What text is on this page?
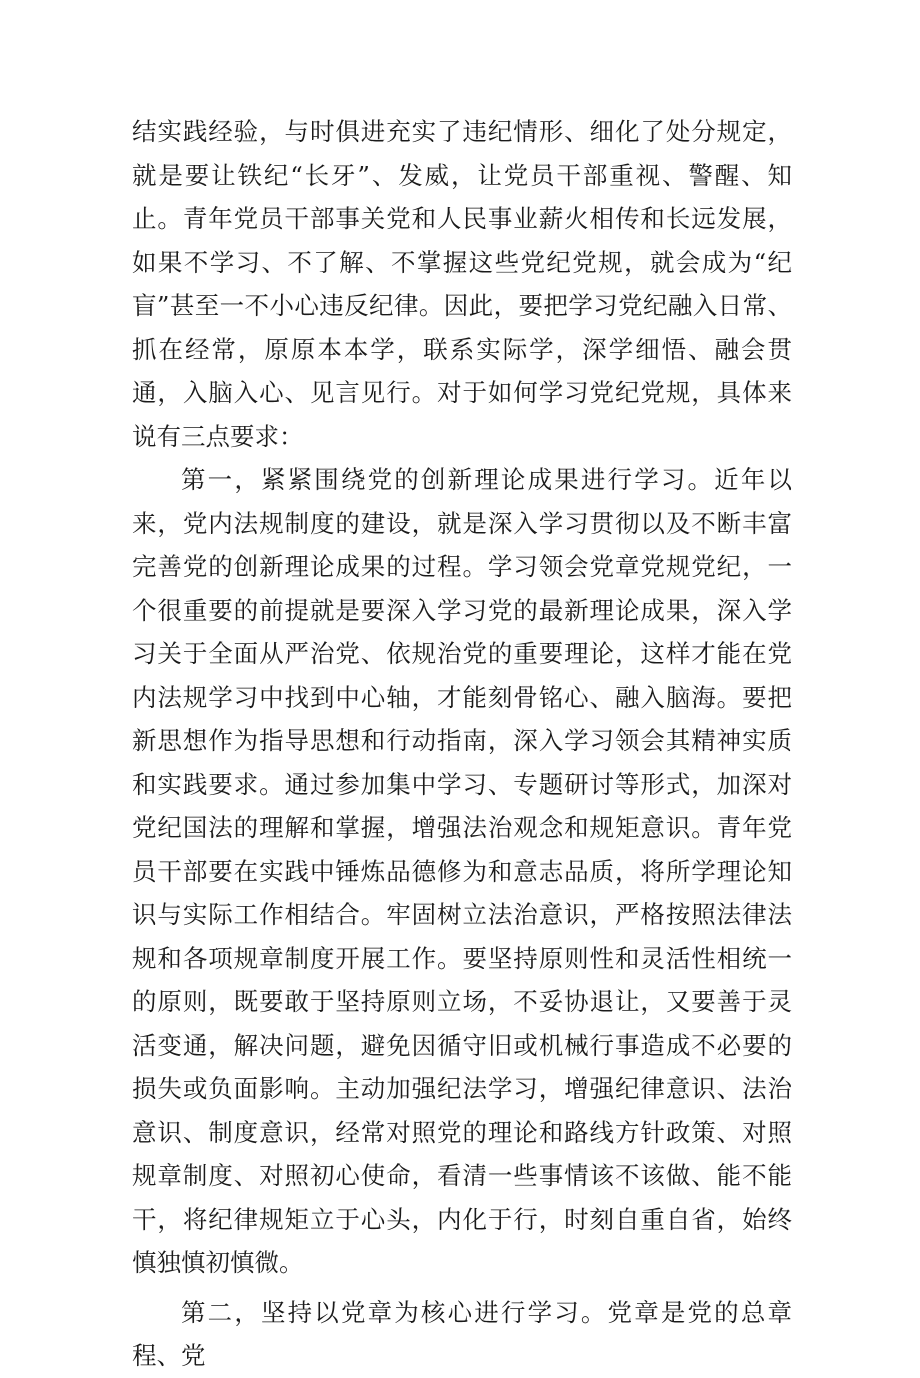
结实践经验，与时俱进充实了违纪情形、细化了处分规定，就是要让铁纪“长牙”、发威，让党员干部重视、警醒、知止。青年党员干部事关党和人民事业薪火相传和长远发展，如果不学习、不了解、不掌握这些党纪党规，就会成为“纪盲”甚至一不小心违反纪律。因此，要把学习党纪融入日常、抓在经常，原原本本学，联系实际学，深学细悟、融会贯通，入脑入心、见言见行。对于如何学习党纪党规，具体来说有三点要求：

第一，紧紧围绕党的创新理论成果进行学习。近年以来，党内法规制度的建设，就是深入学习贯彻以及不断丰富完善党的创新理论成果的过程。学习领会党章党规党纪，一个很重要的前提就是要深入学习党的最新理论成果，深入学习关于全面从严治党、依规治党的重要理论，这样才能在党内法规学习中找到中心轴，才能刻骨铭心、融入脑海。要把新思想作为指导思想和行动指南，深入学习领会其精神实质和实践要求。通过参加集中学习、专题研讨等形式，加深对党纪国法的理解和掌握，增强法治观念和规矩意识。青年党员干部要在实践中锤炼品德修为和意志品质，将所学理论知识与实际工作相结合。牢固树立法治意识，严格按照法律法规和各项规章制度开展工作。要坚持原则性和灵活性相统一的原则，既要敢于坚持原则立场，不妥协退让，又要善于灵活变通，解决问题，避免因循守旧或机械行事造成不必要的损失或负面影响。主动加强纪法学习，增强纪律意识、法治意识、制度意识，经常对照党的理论和路线方针政策、对照规章制度、对照初心使命，看清一些事情该不该做、能不能干，将纪律规矩立于心头，内化于行，时刻自重自省，始终慎独慎初慎微。

第二，坚持以党章为核心进行学习。党章是党的总章程、党
